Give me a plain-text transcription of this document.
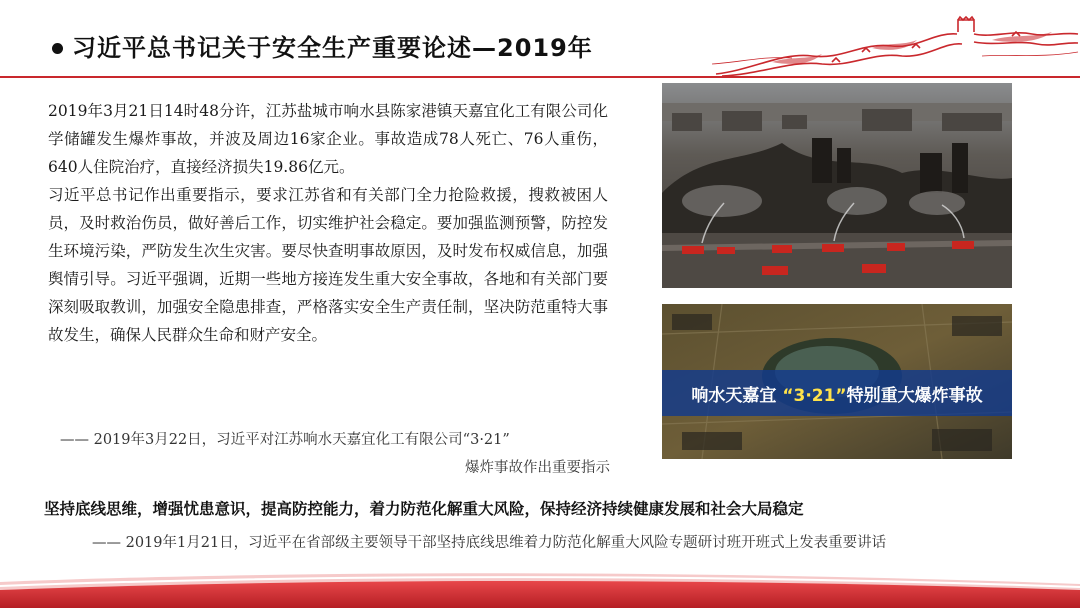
习近平总书记关于安全生产重要论述—2019年

2019年3月21日14时48分许，江苏盐城市响水县陈家港镇天嘉宜化工有限公司化学储罐发生爆炸事故，并波及周边16家企业。事故造成78人死亡、76人重伤，640人住院治疗，直接经济损失19.86亿元。

习近平总书记作出重要指示，要求江苏省和有关部门全力抢险救援，搜救被困人员，及时救治伤员，做好善后工作，切实维护社会稳定。要加强监测预警，防控发生环境污染，严防发生次生灾害。要尽快查明事故原因，及时发布权威信息，加强舆情引导。习近平强调，近期一些地方接连发生重大安全事故，各地和有关部门要深刻吸取教训，加强安全隐患排查，严格落实安全生产责任制，坚决防范重特大事故发生，确保人民群众生命和财产安全。

—— 2019年3月22日，习近平对江苏响水天嘉宜化工有限公司“3·21”
爆炸事故作出重要指示
响水天嘉宜 “3·21”特别重大爆炸事故
坚持底线思维，增强忧患意识，提高防控能力，着力防范化解重大风险，保持经济持续健康发展和社会大局稳定
—— 2019年1月21日，习近平在省部级主要领导干部坚持底线思维着力防范化解重大风险专题研讨班开班式上发表重要讲话
